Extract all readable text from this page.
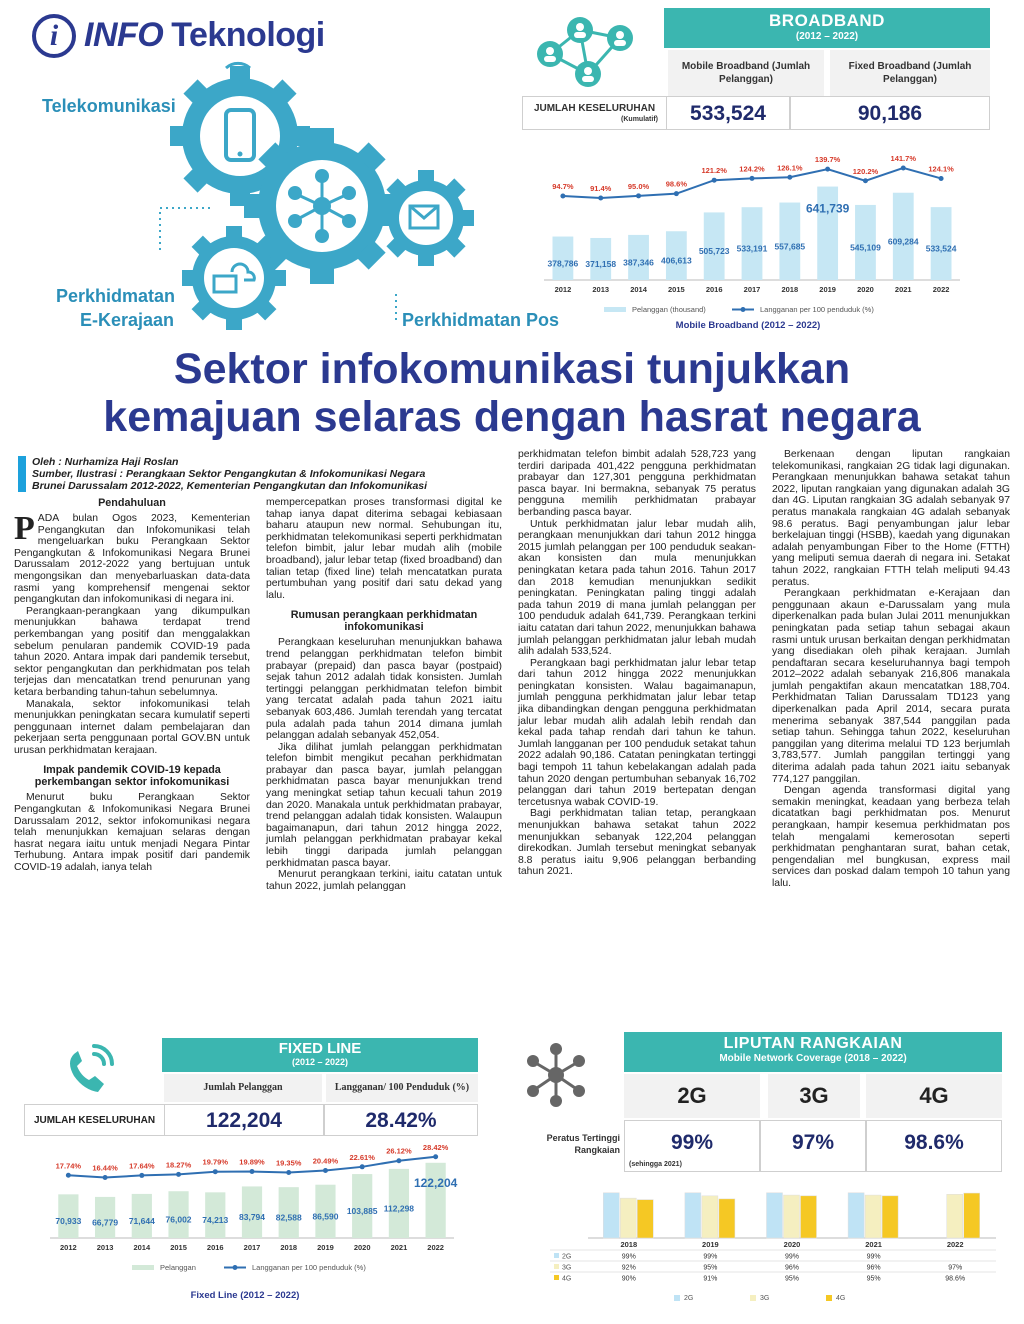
i INFO Teknologi
Telekomunikasi
Perkhidmatan
E-Kerajaan	Perkhidmatan Pos
BROADBAND
(2012 – 2022)
Mobile Broadband (Jumlah Pelanggan)
Fixed Broadband (Jumlah Pelanggan)
JUMLAH KESELURUHAN
(Kumulatif)	533,524	90,186
378,786
2012
371,158
2013
387,346
2014
406,613
2015
505,723
2016
533,191
2017
557,685
2018
641,739
2019
545,109
2020
609,284
2021
533,524
2022
94.7% 91.4% 95.0% 98.6%
121.2% 124.2% 126.1%
139.7%
120.2%
141.7%
124.1%
Pelanggan (thousand)	Langganan per 100 penduduk (%)
Mobile Broadband (2012 – 2022)
Sektor infokomunikasi tunjukkan
kemajuan selaras dengan hasrat negara
Oleh : Nurhamiza Haji Roslan
Sumber, Ilustrasi : Perangkaan Sektor Pengangkutan & Infokomunikasi Negara
Brunei Darussalam 2012-2022, Kementerian Pengangkutan dan Infokomunikasi
Pendahuluan
P ADA bulan Ogos 2023, Kementerian Pengangkutan dan Infokomunikasi telah mengeluarkan buku Perangkaan Sektor Pengangkutan & Infokomunikasi Negara Brunei Darussalam 2012-2022 yang bertujuan untuk mengongsikan dan menyebarluaskan data-data rasmi yang komprehensif mengenai sektor pengangkutan dan infokomunikasi di negara ini.

Perangkaan-perangkaan yang dikumpulkan menunjukkan bahawa terdapat trend perkembangan yang positif dan menggalakkan sebelum penularan pandemik COVID-19 pada tahun 2020. Antara impak dari pandemik tersebut, sektor pengangkutan dan perkhidmatan pos telah terjejas dan mencatatkan trend penurunan yang ketara berbanding tahun-tahun sebelumnya.

Manakala, sektor infokomunikasi telah menunjukkan peningkatan secara kumulatif seperti penggunaan internet dalam pembelajaran dan pekerjaan serta penggunaan portal GOV.BN untuk urusan perkhidmatan kerajaan.

Impak pandemik COVID-19 kepada perkembangan sektor infokomunikasi

Menurut buku Perangkaan Sektor Pengangkutan & Infokomunikasi Negara Brunei Darussalam 2012, sektor infokomunikasi negara telah menunjukkan kemajuan selaras dengan hasrat negara iaitu untuk menjadi Negara Pintar Terhubung. Antara impak positif dari pandemik COVID-19 adalah, ianya telah

mempercepatkan proses transformasi digital ke tahap ianya dapat diterima sebagai kebiasaan baharu ataupun new normal. Sehubungan itu, perkhidmatan telekomunikasi seperti perkhidmatan telefon bimbit, jalur lebar mudah alih (mobile broadband), jalur lebar tetap (fixed broadband) dan talian tetap (fixed line) telah mencatatkan purata pertumbuhan yang positif dari satu dekad yang lalu.

Rumusan perangkaan perkhidmatan infokomunikasi

Perangkaan keseluruhan menunjukkan bahawa trend pelanggan perkhidmatan telefon bimbit prabayar (prepaid) dan pasca bayar (postpaid) sejak tahun 2012 adalah tidak konsisten. Jumlah tertinggi pelanggan perkhidmatan telefon bimbit yang tercatat adalah pada tahun 2021 iaitu sebanyak 603,486. Jumlah terendah yang tercatat pula adalah pada tahun 2014 dimana jumlah pelanggan adalah sebanyak 452,054.

Jika dilihat jumlah pelanggan perkhidmatan telefon bimbit mengikut pecahan perkhidmatan prabayar dan pasca bayar, jumlah pelanggan perkhidmatan pasca bayar menunjukkan trend yang meningkat setiap tahun kecuali tahun 2019 dan 2020. Manakala untuk perkhidmatan prabayar, trend pelanggan adalah tidak konsisten. Walaupun bagaimanapun, dari tahun 2012 hingga 2022, jumlah pelanggan perkhidmatan prabayar kekal lebih tinggi daripada jumlah pelanggan perkhidmatan pasca bayar.

Menurut perangkaan terkini, iaitu catatan untuk tahun 2022, jumlah pelanggan

perkhidmatan telefon bimbit adalah 528,723 yang terdiri daripada 401,422 pengguna perkhidmatan prabayar dan 127,301 pengguna perkhidmatan pasca bayar. Ini bermakna, sebanyak 75 peratus pengguna memilih perkhidmatan prabayar berbanding pasca bayar.

Untuk perkhidmatan jalur lebar mudah alih, perangkaan menunjukkan dari tahun 2012 hingga 2015 jumlah pelanggan per 100 penduduk seakan-akan konsisten dan mula menunjukkan peningkatan ketara pada tahun 2016. Tahun 2017 dan 2018 kemudian menunjukkan sedikit peningkatan. Peningkatan paling tinggi adalah pada tahun 2019 di mana jumlah pelanggan per 100 penduduk adalah 641,739. Perangkaan terkini iaitu catatan dari tahun 2022, menunjukkan bahawa jumlah pelanggan perkhidmatan jalur lebah mudah alih adalah 533,524.

Perangkaan bagi perkhidmatan jalur lebar tetap dari tahun 2012 hingga 2022 menunjukkan peningkatan konsisten. Walau bagaimanapun, jumlah pengguna perkhidmatan jalur lebar tetap jika dibandingkan dengan pengguna perkhidmatan jalur lebar mudah alih adalah lebih rendah dan kekal pada tahap rendah dari tahun ke tahun. Jumlah langganan per 100 penduduk setakat tahun 2022 adalah 90,186. Catatan peningkatan tertinggi bagi tempoh 11 tahun kebelakangan adalah pada tahun 2020 dengan pertumbuhan sebanyak 16,702 pelanggan dari tahun 2019 bertepatan dengan tercetusnya wabak COVID-19.

Bagi perkhidmatan talian tetap, perangkaan menunjukkan bahawa setakat tahun 2022 menunjukkan sebanyak 122,204 pelanggan direkodkan. Jumlah tersebut meningkat sebanyak 8.8 peratus iaitu 9,906 pelanggan berbanding tahun 2021.

Berkenaan dengan liputan rangkaian telekomunikasi, rangkaian 2G tidak lagi digunakan. Perangkaan menunjukkan bahawa setakat tahun 2022, liputan rangkaian yang digunakan adalah 3G dan 4G. Liputan rangkaian 3G adalah sebanyak 97 peratus manakala rangkaian 4G adalah sebanyak 98.6 peratus. Bagi penyambungan jalur lebar berkelajuan tinggi (HSBB), kaedah yang digunakan adalah penyambungan Fiber to the Home (FTTH) yang meliputi semua daerah di negara ini. Setakat tahun 2022, rangkaian FTTH telah meliputi 94.43 peratus.

Perangkaan perkhidmatan e-Kerajaan dan penggunaan akaun e-Darussalam yang mula diperkenalkan pada bulan Julai 2011 menunjukkan peningkatan pada setiap tahun sebagai akaun rasmi untuk urusan berkaitan dengan perkhidmatan yang disediakan oleh pihak kerajaan. Jumlah pendaftaran secara keseluruhannya bagi tempoh 2012–2022 adalah sebanyak 216,806 manakala jumlah pengaktifan akaun mencatatkan 188,704. Perkhidmatan Talian Darussalam TD123 yang diperkenalkan pada April 2014, secara purata menerima sebanyak 387,544 panggilan pada setiap tahun. Sehingga tahun 2022, keseluruhan panggilan yang diterima melalui TD 123 berjumlah 3,783,577. Jumlah panggilan tertinggi yang diterima adalah pada tahun 2021 iaitu sebanyak 774,127 panggilan.

Dengan agenda transformasi digital yang semakin meningkat, keadaan yang berbeza telah dicatatkan bagi perkhidmatan pos. Menurut perangkaan, hampir kesemua perkhidmatan pos telah mengalami kemerosotan seperti perkhidmatan penghantaran surat, bahan cetak, pengendalian mel bungkusan, express mail services dan poskad dalam tempoh 10 tahun yang lalu.

FIXED LINE
(2012 – 2022)
Jumlah Pelanggan	Langganan/ 100 Penduduk (%)
JUMLAH KESELURUHAN	122,204	28.42%
70,933
2012
66,779
2013
71,644
2014
76,002
2015
74,213
2016
83,794
2017
82,588
2018
86,590
2019
103,885
2020
112,298
2021
122,204
2022
17.74% 16.44% 17.64% 18.27% 19.79% 19.89% 19.35% 20.49% 22.61%
26.12% 28.42%
Pelanggan	Langganan per 100 penduduk (%)
Fixed Line (2012 – 2022)
LIPUTAN RANGKAIAN
Mobile Network Coverage (2018 – 2022)
2G	3G	4G
Peratus Tertinggi
Rangkaian	99%
(sehingga 2021)
97%	98.6%
2018	2019	2020	2021	2022
2G	99%	99%	99%	99%
3G	92%	95%	96%	96%	97%
4G	90%	91%	95%	95%	98.6%
2G	3G	4G
